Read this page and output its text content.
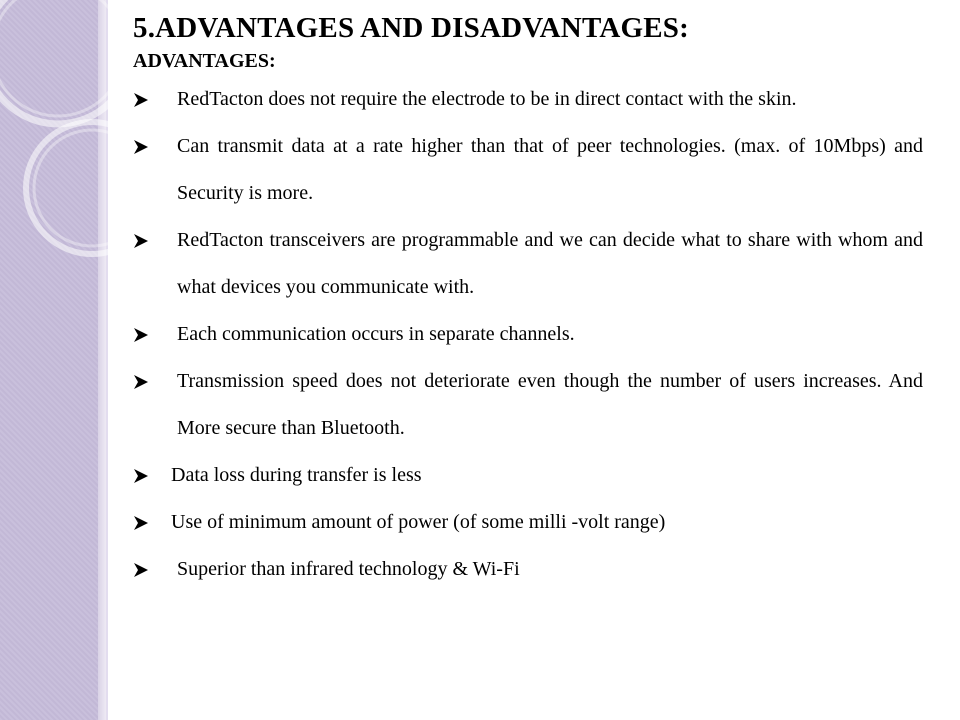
5.ADVANTAGES AND DISADVANTAGES:
ADVANTAGES:
RedTacton does not require the electrode to be in direct contact with the skin.
Can transmit data at a rate higher than that of peer technologies. (max. of 10Mbps) and Security is more.
RedTacton transceivers are programmable and we can decide what to share with whom and what devices you communicate with.
Each communication occurs in separate channels.
Transmission speed does not deteriorate even though the number of users increases. And More secure than Bluetooth.
Data loss during transfer is less
Use of minimum amount of power (of some milli -volt range)
Superior than infrared technology & Wi-Fi
